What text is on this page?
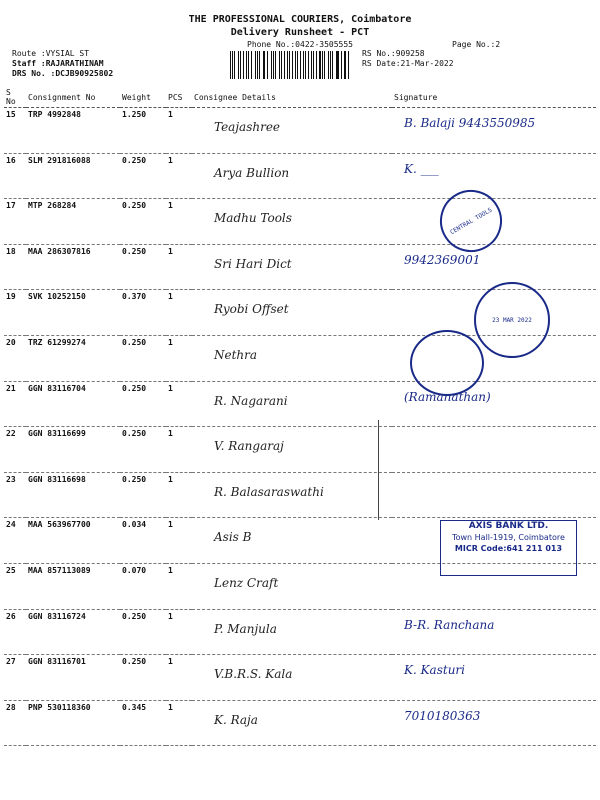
THE PROFESSIONAL COURIERS, Coimbatore
Delivery Runsheet - PCT
Phone No.:0422-3505555	Page No.:2
Route :VYSIAL ST
Staff :RAJARATHINAM
DRS No. :DCJB90925802
RS No.:909258
RS Date:21-Mar-2022
S No	Consignment No	Weight	PCS	Consignee Details	Signature
15	TRP 4992848	1.250	1	Teajashree	B. Balaji 9443550985
16	SLM 291816088	0.250	1	Arya Bullion	K. ___
17	MTP 268284	0.250	1	Madhu Tools	
18	MAA 286307816	0.250	1	Sri Hari Dict	9942369001
19	SVK 10252150	0.370	1	Ryobi Offset	
20	TRZ 61299274	0.250	1	Nethra	
21	GGN 83116704	0.250	1	R. Nagarani	(Ramanathan)
22	GGN 83116699	0.250	1	V. Rangaraj	
23	GGN 83116698	0.250	1	R. Balasaraswathi	
24	MAA 563967700	0.034	1	Asis B	
25	MAA 857113089	0.070	1	Lenz Craft	
26	GGN 83116724	0.250	1	P. Manjula	B-R. Ranchana
27	GGN 83116701	0.250	1	V.B.R.S. Kala	K. Kasturi
28	PNP 530118360	0.345	1	K. Raja	7010180363
CENTRAL TOOLS
23 MAR 2022
AXIS BANK LTD.
Town Hall-1919, Coimbatore
MICR Code:641 211 013
